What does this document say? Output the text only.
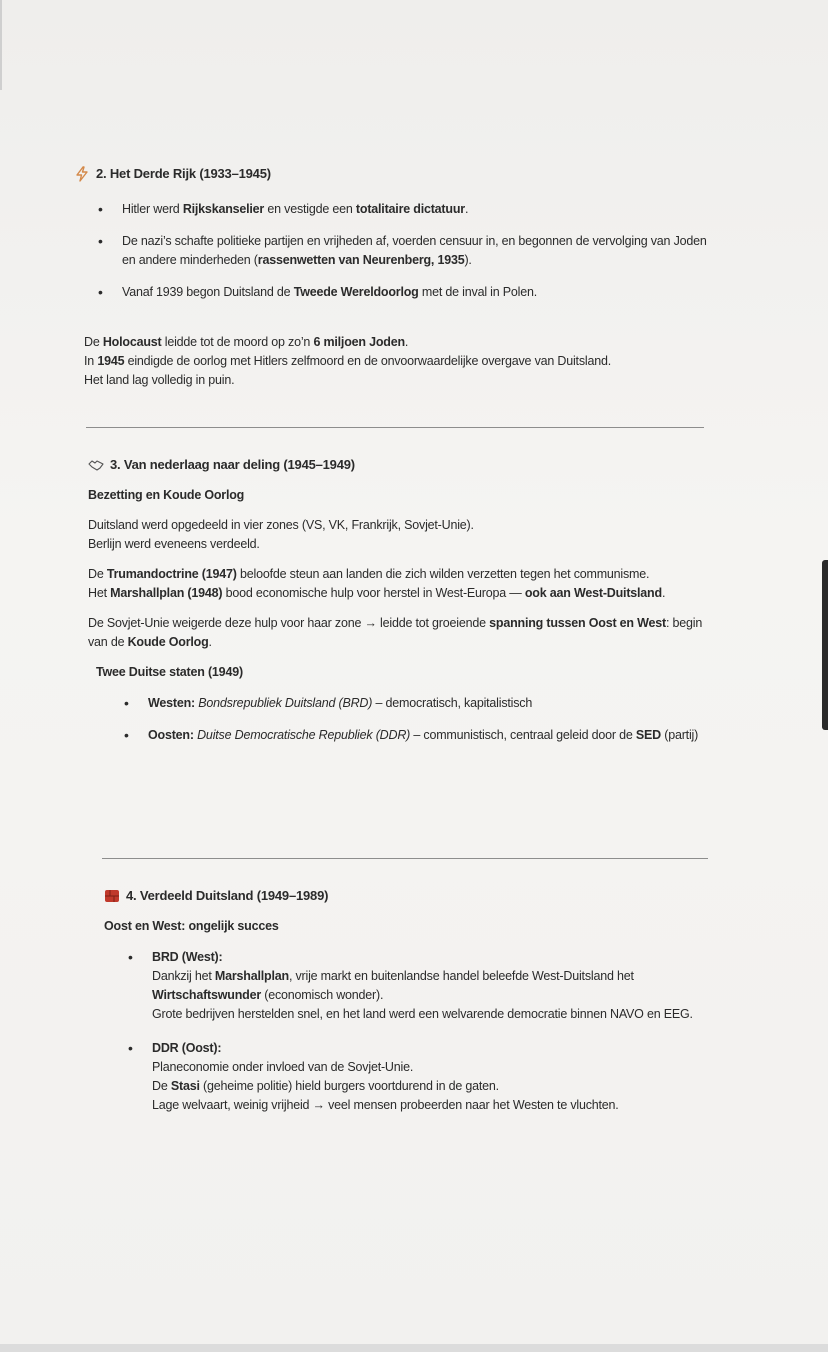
2. Het Derde Rijk (1933–1945)
• Hitler werd Rijkskanselier en vestigde een totalitaire dictatuur.
• De nazi’s schafte politieke partijen en vrijheden af, voerden censuur in, en begonnen de vervolging van Joden en andere minderheden (rassenwetten van Neurenberg, 1935).
• Vanaf 1939 begon Duitsland de Tweede Wereldoorlog met de inval in Polen.

De Holocaust leidde tot de moord op zo’n 6 miljoen Joden.

In 1945 eindigde de oorlog met Hitlers zelfmoord en de onvoorwaardelijke overgave van Duitsland.

Het land lag volledig in puin.

3. Van nederlaag naar deling (1945–1949)

Bezetting en Koude Oorlog

Duitsland werd opgedeeld in vier zones (VS, VK, Frankrijk, Sovjet-Unie).

Berlijn werd eveneens verdeeld.

De Trumandoctrine (1947) beloofde steun aan landen die zich wilden verzetten tegen het communisme.

Het Marshallplan (1948) bood economische hulp voor herstel in West-Europa — ook aan West-Duitsland.

De Sovjet-Unie weigerde deze hulp voor haar zone → leidde tot groeiende spanning tussen Oost en West: begin van de Koude Oorlog.

Twee Duitse staten (1949)

• Westen: Bondsrepubliek Duitsland (BRD) – democratisch, kapitalistisch
• Oosten: Duitse Democratische Republiek (DDR) – communistisch, centraal geleid door de SED (partij)
4. Verdeeld Duitsland (1949–1989)

Oost en West: ongelijk succes

• BRD (West):

Dankzij het Marshallplan, vrije markt en buitenlandse handel beleefde West-Duitsland het Wirtschaftswunder (economisch wonder).

Grote bedrijven herstelden snel, en het land werd een welvarende democratie binnen NAVO en EEG.

• DDR (Oost):

Planeconomie onder invloed van de Sovjet-Unie.

De Stasi (geheime politie) hield burgers voortdurend in de gaten.

Lage welvaart, weinig vrijheid → veel mensen probeerden naar het Westen te vluchten.
